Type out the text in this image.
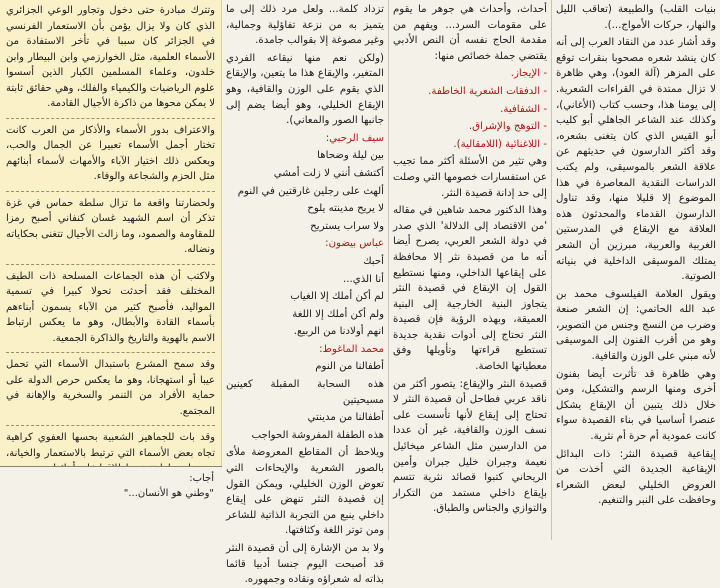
بنيات القلب) والطبيعة (تعاقب الليل والنهار، حركات الأمواج...).

وقد أشار عدد من النقاد العرب إلى أنه كان ينشد شعره مصحوبا بنقرات توقع على المزهر (آلة العود)، وهي ظاهرة لا تزال ممتدة في القراءات الشعرية. إلى يومنا هذا، وحسب كتاب (الأغاني)، وكذلك عند الشاعر الجاهلي أبو كليب أبو القيس الذي كان يتغنى بشعره، وقد أكثر الدارسون في حديثهم عن علاقة الشعر بالموسيقى، ولم يكتب الدراسات النقدية المعاصرة في هذا الموضوع إلا قليلا منها، وقد تناول الدارسون القدماء والمحدثون هذه العلاقة مع الإيقاع في المدرستين الغربية والعربية، مبرزين أن الشعر يمتلك الموسيقى الداخلية في بنياته الصوتية.

ويقول العلامة الفيلسوف محمد بن عبد الله الحاتمي: إن الشعر صنعة وضرب من النسج وجنس من التصوير، وهو من أقرب الفنون إلى الموسيقى لأنه مبني على الوزن والقافية.

وهي ظاهرة قد تأثرت أيضا بفنون أخرى ومنها الرسم والتشكيل، ومن خلال ذلك يتبين أن الإيقاع يشكل عنصرا أساسيا في بناء القصيدة سواء كانت عمودية أم حرة أم نثرية.

إيقاعية قصيدة النثر: ذات البدائل الإيقاعية الجديدة التي أخذت من العروض الخليلي لبعض الشعراء وحافظت على النبر والتنغيم.

أحداث، وأحداث هي جوهر ما يقوم على مقومات السرد... ويفهم من مقدمة الحاج نفسه أن النص الأدبي يقتضي جملة خصائص منها:

- الإيجاز.

- الدفقات الشعرية الخاطفة.

- الشفافية.

- التوهج والإشراق.

- اللاغنائية (اللامقالية).

وهي تثير من الأسئلة أكثر مما تجيب عن استفسارات خصومها التي وصلت إلى حد إدانة قصيدة النثر.

وهذا الدكتور محمد شاهين في مقاله 'من الاقتصاد إلى الدلالة' الذي صدر في دولة الشعر العربي، يصرح أيضا أنه ما من قصيدة نثر إلا محافظة على إيقاعها الداخلي، ومنها نستطيع القول إن الإيقاع في قصيدة النثر يتجاوز البنية الخارجية إلى البنية العميقة، وبهذه الرؤية فإن قصيدة النثر تحتاج إلى أدوات نقدية جديدة تستطيع قراءتها وتأويلها وفق معطياتها الخاصة.

قصيدة النثر والإيقاع: يتصور أكثر من ناقد عربي فطاحل أن قصيدة النثر لا تحتاج إلى إيقاع لأنها تأسست على نسف الوزن والقافية، غير أن عددا من الدارسين مثل الشاعر ميخائيل نعيمة وجبران خليل جبران وأمين الريحاني كتبوا قصائد نثرية تتسم بإيقاع داخلي مستمد من التكرار والتوازي والجناس والطباق.

تزداد كلمة... ولعل مرد ذلك إلى ما يتميز به من نزعة تفاؤلية وجمالية، وغير مصوغة إلا بقوالب جامدة.

(ولكن نعم منها نيقاعه الفردي المتغير، والإيقاع هذا ما يتعين، والإيقاع الذي يقوم على الوزن والقافية، وهو الإيقاع الخليلي، وهو أيضا يضم إلى جانبها الصور والمعاني).

سيف الرحبي:

بين ليلة وضحاها

أكتشف أنني لا زلت أمشي

ألهث على رجلين غارقتين في النوم

لا يريح مدينته يلوح

ولا سراب يستريح

عباس بيضون:

أحبك

أنا الذي...

لم أكن أملك إلا الغياب

ولم أكن أملك إلا اللغة

انهم أولادنا من الربيع.

محمد الماغوط:

أطفالنا من النوم

هذه السحابة المقبلة كعينين مسيحيتين

أطفالنا من مدينتي

هذه الطفلة المفروشة الحواجب

ويلاحظ أن المقاطع المعروضة ملأى بالصور الشعرية والإيحاءات التي تعوض الوزن الخليلي، ويمكن القول إن قصيدة النثر تنهض على إيقاع داخلي ينبع من التجربة الذاتية للشاعر ومن توتر اللغة وكثافتها.

ولا بد من الإشارة إلى أن قصيدة النثر قد أصبحت اليوم جنسا أدبيا قائما بذاته له شعراؤه ونقاده وجمهوره.

وتترك مبادرة حتى دخول وتجاور الوعي الجزائري الذي كان ولا يزال يؤمن بأن الاستعمار الفرنسي في الجزائر كان سببا في تأخر الاستفادة من الأسماء العلمية، مثل الخوارزمي وابن البيطار وابن خلدون، وعلماء المسلمين الكبار الذين أسسوا علوم الرياضيات والكيمياء والفلك، وهي حقائق ثابتة لا يمكن محوها من ذاكرة الأجيال القادمة.

والاعتراف بدور الأسماء والأذكار من العرب كانت تختار أجمل الأسماء تعبيرا عن الجمال والحب، ويعكس ذلك اختيار الآباء والأمهات لأسماء أبنائهم مثل الحزم والشجاعة والوفاء.

ولحضارتنا واقعة ما تزال سلطة حماس في غزة تذكر أن اسم الشهيد غسان كنفاني أصبح رمزا للمقاومة والصمود، وما زالت الأجيال تتغنى بحكاياته ونضاله.

ولاكتب أن هذه الجماعات المسلحة ذات الطيف المختلف فقد أحدثت تحولا كبيرا في تسمية المواليد، فأصبح كثير من الآباء يسمون أبناءهم بأسماء القادة والأبطال، وهو ما يعكس ارتباط الاسم بالهوية والتاريخ والذاكرة الجمعية.

وقد سمح المشرع باستبدال الأسماء التي تحمل عيبا أو استهجانا، وهو ما يعكس حرص الدولة على حماية الأفراد من التنمر والسخرية والإهانة في المجتمع.

وقد بات للجماهير الشعبية بحسها العفوي كراهية تجاه بعض الأسماء التي ترتبط بالاستعمار والخيانة،

أجاب:
"وطني هو الأنسان..."
